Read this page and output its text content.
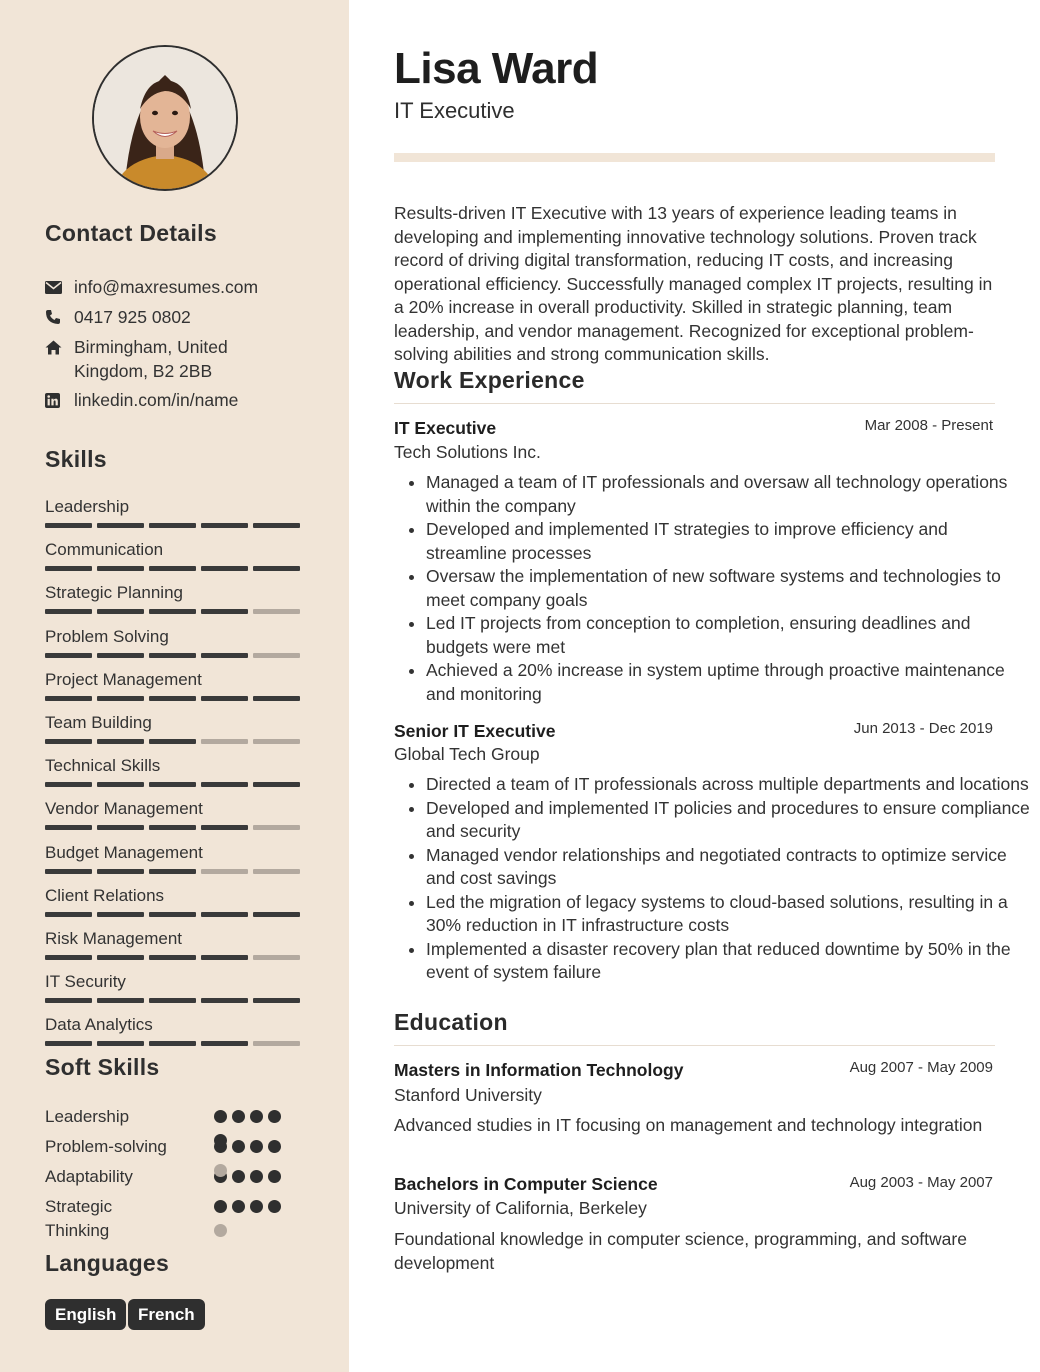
Contact Details
info@maxresumes.com
0417 925 0802
Birmingham, United Kingdom, B2 2BB
linkedin.com/in/name
Skills
Leadership
Communication
Strategic Planning
Problem Solving
Project Management
Team Building
Technical Skills
Vendor Management
Budget Management
Client Relations
Risk Management
IT Security
Data Analytics
Soft Skills
Leadership
Problem-solving
Adaptability
Strategic Thinking
Languages
English	French
Lisa Ward
IT Executive

Results-driven IT Executive with 13 years of experience leading teams in developing and implementing innovative technology solutions. Proven track record of driving digital transformation, reducing IT costs, and increasing operational efficiency. Successfully managed complex IT projects, resulting in a 20% increase in overall productivity. Skilled in strategic planning, team leadership, and vendor management. Recognized for exceptional problem-solving abilities and strong communication skills.

Work Experience
IT Executive	Mar 2008 - Present
Tech Solutions Inc.
• Managed a team of IT professionals and oversaw all technology operations within the company
• Developed and implemented IT strategies to improve efficiency and streamline processes
• Oversaw the implementation of new software systems and technologies to meet company goals
• Led IT projects from conception to completion, ensuring deadlines and budgets were met
• Achieved a 20% increase in system uptime through proactive maintenance and monitoring
Senior IT Executive	Jun 2013 - Dec 2019
Global Tech Group
• Directed a team of IT professionals across multiple departments and locations
• Developed and implemented IT policies and procedures to ensure compliance and security
• Managed vendor relationships and negotiated contracts to optimize service and cost savings
• Led the migration of legacy systems to cloud-based solutions, resulting in a 30% reduction in IT infrastructure costs
• Implemented a disaster recovery plan that reduced downtime by 50% in the event of system failure
Education
Masters in Information Technology	Aug 2007 - May 2009
Stanford University

Advanced studies in IT focusing on management and technology integration

Bachelors in Computer Science	Aug 2003 - May 2007
University of California, Berkeley

Foundational knowledge in computer science, programming, and software development
